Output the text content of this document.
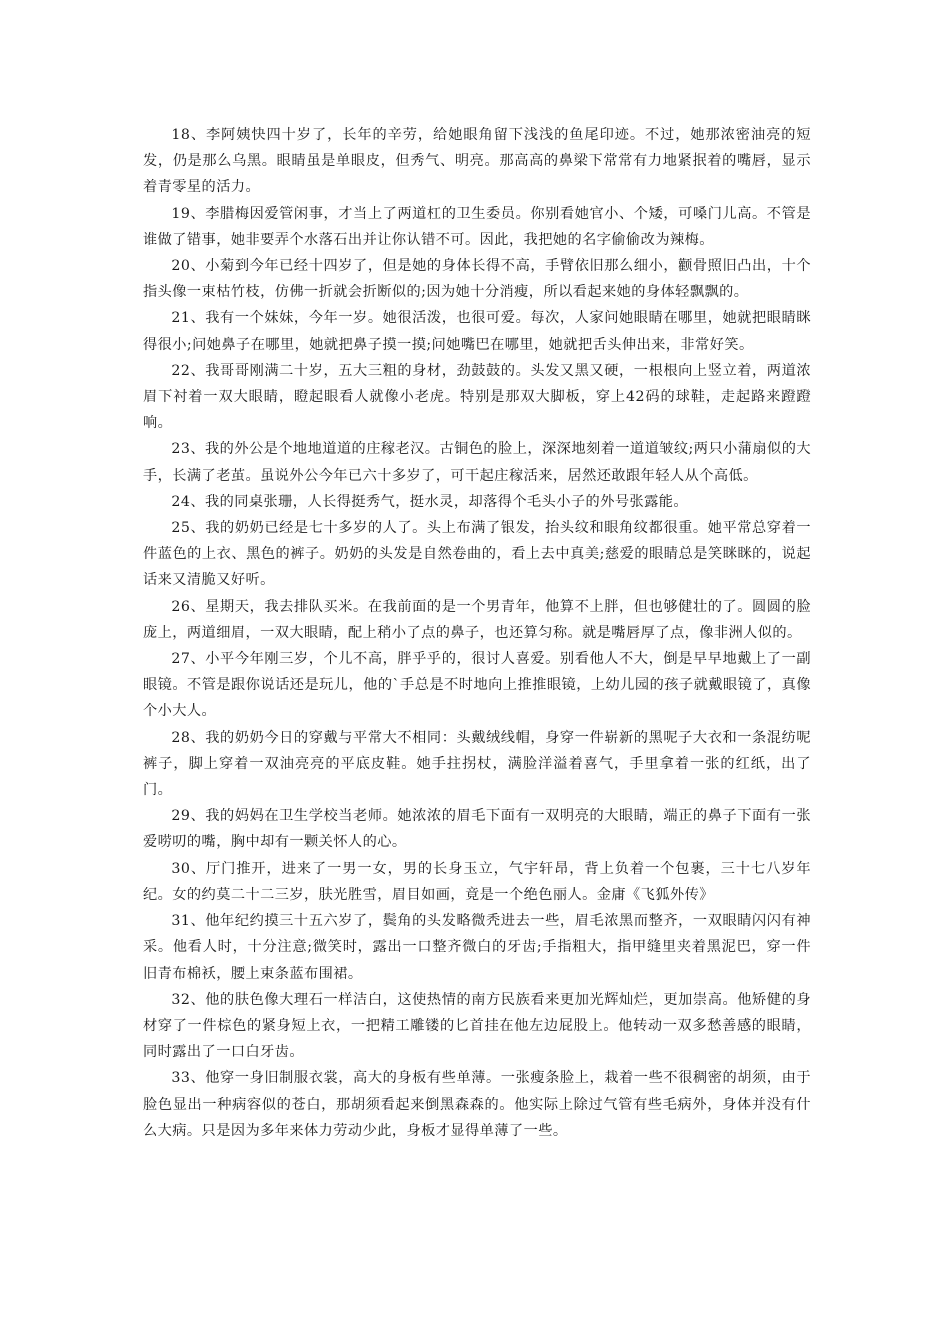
18、李阿姨快四十岁了，长年的辛劳，给她眼角留下浅浅的鱼尾印迹。不过，她那浓密油亮的短发，仍是那么乌黑。眼睛虽是单眼皮，但秀气、明亮。那高高的鼻梁下常常有力地紧抿着的嘴唇，显示着青零星的活力。

19、李腊梅因爱管闲事，才当上了两道杠的卫生委员。你别看她官小、个矮，可嗓门儿高。不管是谁做了错事，她非要弄个水落石出并让你认错不可。因此，我把她的名字偷偷改为辣梅。

20、小菊到今年已经十四岁了，但是她的身体长得不高，手臂依旧那么细小，颧骨照旧凸出，十个指头像一束枯竹枝，仿佛一折就会折断似的;因为她十分消瘦，所以看起来她的身体轻飘飘的。

21、我有一个妹妹，今年一岁。她很活泼，也很可爱。每次，人家问她眼睛在哪里，她就把眼睛眯得很小;问她鼻子在哪里，她就把鼻子摸一摸;问她嘴巴在哪里，她就把舌头伸出来，非常好笑。

22、我哥哥刚满二十岁，五大三粗的身材，劲鼓鼓的。头发又黑又硬，一根根向上竖立着，两道浓眉下衬着一双大眼睛，瞪起眼看人就像小老虎。特别是那双大脚板，穿上42码的球鞋，走起路来蹬蹬响。

23、我的外公是个地地道道的庄稼老汉。古铜色的脸上，深深地刻着一道道皱纹;两只小蒲扇似的大手，长满了老茧。虽说外公今年已六十多岁了，可干起庄稼活来，居然还敢跟年轻人从个高低。

24、我的同桌张珊，人长得挺秀气，挺水灵，却落得个毛头小子的外号张露能。

25、我的奶奶已经是七十多岁的人了。头上布满了银发，抬头纹和眼角纹都很重。她平常总穿着一件蓝色的上衣、黑色的裤子。奶奶的头发是自然卷曲的，看上去中真美;慈爱的眼睛总是笑眯眯的，说起话来又清脆又好听。

26、星期天，我去排队买米。在我前面的是一个男青年，他算不上胖，但也够健壮的了。圆圆的脸庞上，两道细眉，一双大眼睛，配上稍小了点的鼻子，也还算匀称。就是嘴唇厚了点，像非洲人似的。

27、小平今年刚三岁，个儿不高，胖乎乎的，很讨人喜爱。别看他人不大，倒是早早地戴上了一副眼镜。不管是跟你说话还是玩儿，他的`手总是不时地向上推推眼镜，上幼儿园的孩子就戴眼镜了，真像个小大人。

28、我的奶奶今日的穿戴与平常大不相同：头戴绒线帽，身穿一件崭新的黑呢子大衣和一条混纺呢裤子，脚上穿着一双油亮亮的平底皮鞋。她手拄拐杖，满脸洋溢着喜气，手里拿着一张的红纸，出了门。

29、我的妈妈在卫生学校当老师。她浓浓的眉毛下面有一双明亮的大眼睛，端正的鼻子下面有一张爱唠叨的嘴，胸中却有一颗关怀人的心。

30、厅门推开，进来了一男一女，男的长身玉立，气宇轩昂，背上负着一个包裹，三十七八岁年纪。女的约莫二十二三岁，肤光胜雪，眉目如画，竟是一个绝色丽人。金庸《飞狐外传》

31、他年纪约摸三十五六岁了，鬓角的头发略微秃进去一些，眉毛浓黑而整齐，一双眼睛闪闪有神采。他看人时，十分注意;微笑时，露出一口整齐微白的牙齿;手指粗大，指甲缝里夹着黑泥巴，穿一件旧青布棉袄，腰上束条蓝布围裙。

32、他的肤色像大理石一样洁白，这使热情的南方民族看来更加光辉灿烂，更加崇高。他矫健的身材穿了一件棕色的紧身短上衣，一把精工雕镂的匕首挂在他左边屁股上。他转动一双多愁善感的眼睛，同时露出了一口白牙齿。

33、他穿一身旧制服衣裳，高大的身板有些单薄。一张瘦条脸上，栽着一些不很稠密的胡须，由于脸色显出一种病容似的苍白，那胡须看起来倒黑森森的。他实际上除过气管有些毛病外，身体并没有什么大病。只是因为多年来体力劳动少此，身板才显得单薄了一些。
